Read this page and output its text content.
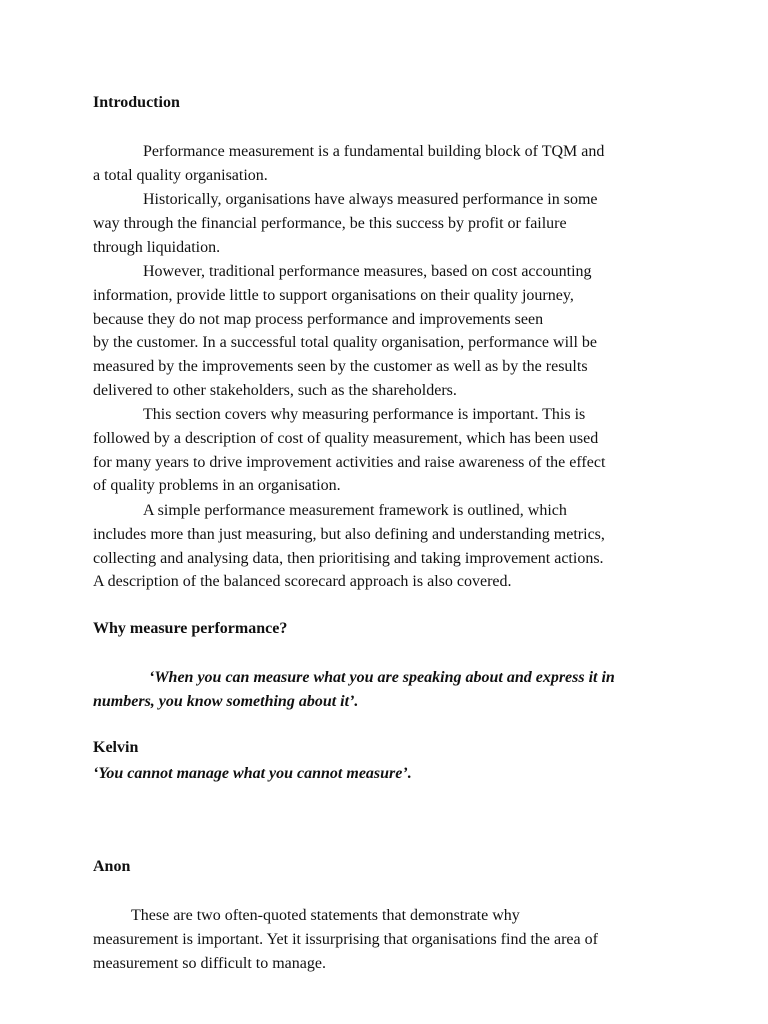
Introduction
Performance measurement is a fundamental building block of TQM and
a total quality organisation.
Historically, organisations have always measured performance in some
way through the financial performance, be this success by profit or failure
through liquidation.
However, traditional performance measures, based on cost accounting
information, provide little to support organisations on their quality journey,
because they do not map process performance and improvements seen
by the customer. In a successful total quality organisation, performance will be
measured by the improvements seen by the customer as well as by the results
delivered to other stakeholders, such as the shareholders.
This section covers why measuring performance is important. This is
followed by a description of cost of quality measurement, which has been used
for many years to drive improvement activities and raise awareness of the effect
of quality problems in an organisation.
A simple performance measurement framework is outlined, which
includes more than just measuring, but also defining and understanding metrics,
collecting and analysing data, then prioritising and taking improvement actions.
A description of the balanced scorecard approach is also covered.
Why measure performance?
‘When you can measure what you are speaking about and express it in
numbers, you know something about it’.
Kelvin
‘You cannot manage what you cannot measure’.
Anon
These are two often-quoted statements that demonstrate why
measurement is important. Yet it issurprising that organisations find the area of
measurement so difficult to manage.
